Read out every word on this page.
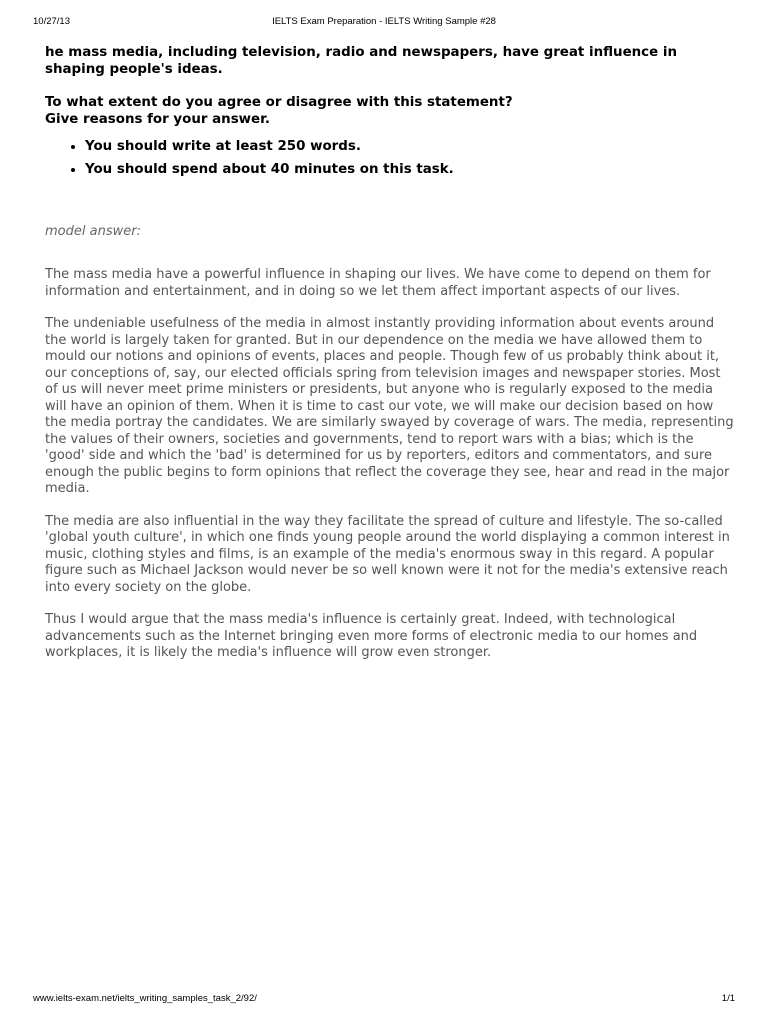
10/27/13	IELTS Exam Preparation - IELTS Writing Sample #28

he mass media, including television, radio and newspapers, have great influence in shaping people's ideas.

To what extent do you agree or disagree with this statement?
Give reasons for your answer.

• You should write at least 250 words.
• You should spend about 40 minutes on this task.

model answer:

The mass media have a powerful influence in shaping our lives. We have come to depend on them for information and entertainment, and in doing so we let them affect important aspects of our lives.

The undeniable usefulness of the media in almost instantly providing information about events around the world is largely taken for granted. But in our dependence on the media we have allowed them to mould our notions and opinions of events, places and people. Though few of us probably think about it, our conceptions of, say, our elected officials spring from television images and newspaper stories. Most of us will never meet prime ministers or presidents, but anyone who is regularly exposed to the media will have an opinion of them. When it is time to cast our vote, we will make our decision based on how the media portray the candidates. We are similarly swayed by coverage of wars. The media, representing the values of their owners, societies and governments, tend to report wars with a bias; which is the 'good' side and which the 'bad' is determined for us by reporters, editors and commentators, and sure enough the public begins to form opinions that reflect the coverage they see, hear and read in the major media.

The media are also influential in the way they facilitate the spread of culture and lifestyle. The so-called 'global youth culture', in which one finds young people around the world displaying a common interest in music, clothing styles and films, is an example of the media's enormous sway in this regard. A popular figure such as Michael Jackson would never be so well known were it not for the media's extensive reach into every society on the globe.

Thus I would argue that the mass media's influence is certainly great. Indeed, with technological advancements such as the Internet bringing even more forms of electronic media to our homes and workplaces, it is likely the media's influence will grow even stronger.

www.ielts-exam.net/ielts_writing_samples_task_2/92/	1/1
